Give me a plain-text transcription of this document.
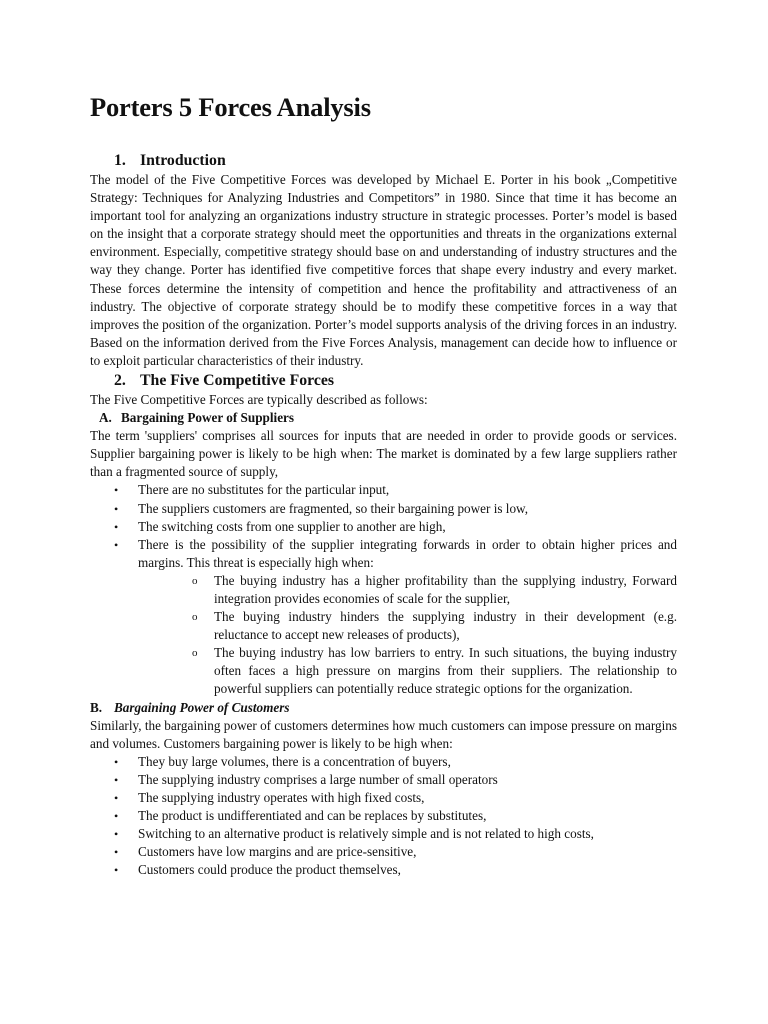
Porters 5 Forces Analysis
1. Introduction

The model of the Five Competitive Forces was developed by Michael E. Porter in his book „Competitive Strategy: Techniques for Analyzing Industries and Competitors” in 1980. Since that time it has become an important tool for analyzing an organizations industry structure in strategic processes. Porter’s model is based on the insight that a corporate strategy should meet the opportunities and threats in the organizations external environment. Especially, competitive strategy should base on and understanding of industry structures and the way they change. Porter has identified five competitive forces that shape every industry and every market. These forces determine the intensity of competition and hence the profitability and attractiveness of an industry. The objective of corporate strategy should be to modify these competitive forces in a way that improves the position of the organization. Porter’s model supports analysis of the driving forces in an industry. Based on the information derived from the Five Forces Analysis, management can decide how to influence or to exploit particular characteristics of their industry.

2. The Five Competitive Forces

The Five Competitive Forces are typically described as follows:

A. Bargaining Power of Suppliers

The term 'suppliers' comprises all sources for inputs that are needed in order to provide goods or services. Supplier bargaining power is likely to be high when: The market is dominated by a few large suppliers rather than a fragmented source of supply,

• There are no substitutes for the particular input,
• The suppliers customers are fragmented, so their bargaining power is low,
• The switching costs from one supplier to another are high,
• There is the possibility of the supplier integrating forwards in order to obtain higher prices and margins. This threat is especially high when:
o The buying industry has a higher profitability than the supplying industry, Forward integration provides economies of scale for the supplier,
o The buying industry hinders the supplying industry in their development (e.g. reluctance to accept new releases of products),
o The buying industry has low barriers to entry. In such situations, the buying industry often faces a high pressure on margins from their suppliers. The relationship to powerful suppliers can potentially reduce strategic options for the organization.
B. Bargaining Power of Customers

Similarly, the bargaining power of customers determines how much customers can impose pressure on margins and volumes. Customers bargaining power is likely to be high when:

• They buy large volumes, there is a concentration of buyers,
• The supplying industry comprises a large number of small operators
• The supplying industry operates with high fixed costs,
• The product is undifferentiated and can be replaces by substitutes,
• Switching to an alternative product is relatively simple and is not related to high costs,
• Customers have low margins and are price-sensitive,
• Customers could produce the product themselves,
